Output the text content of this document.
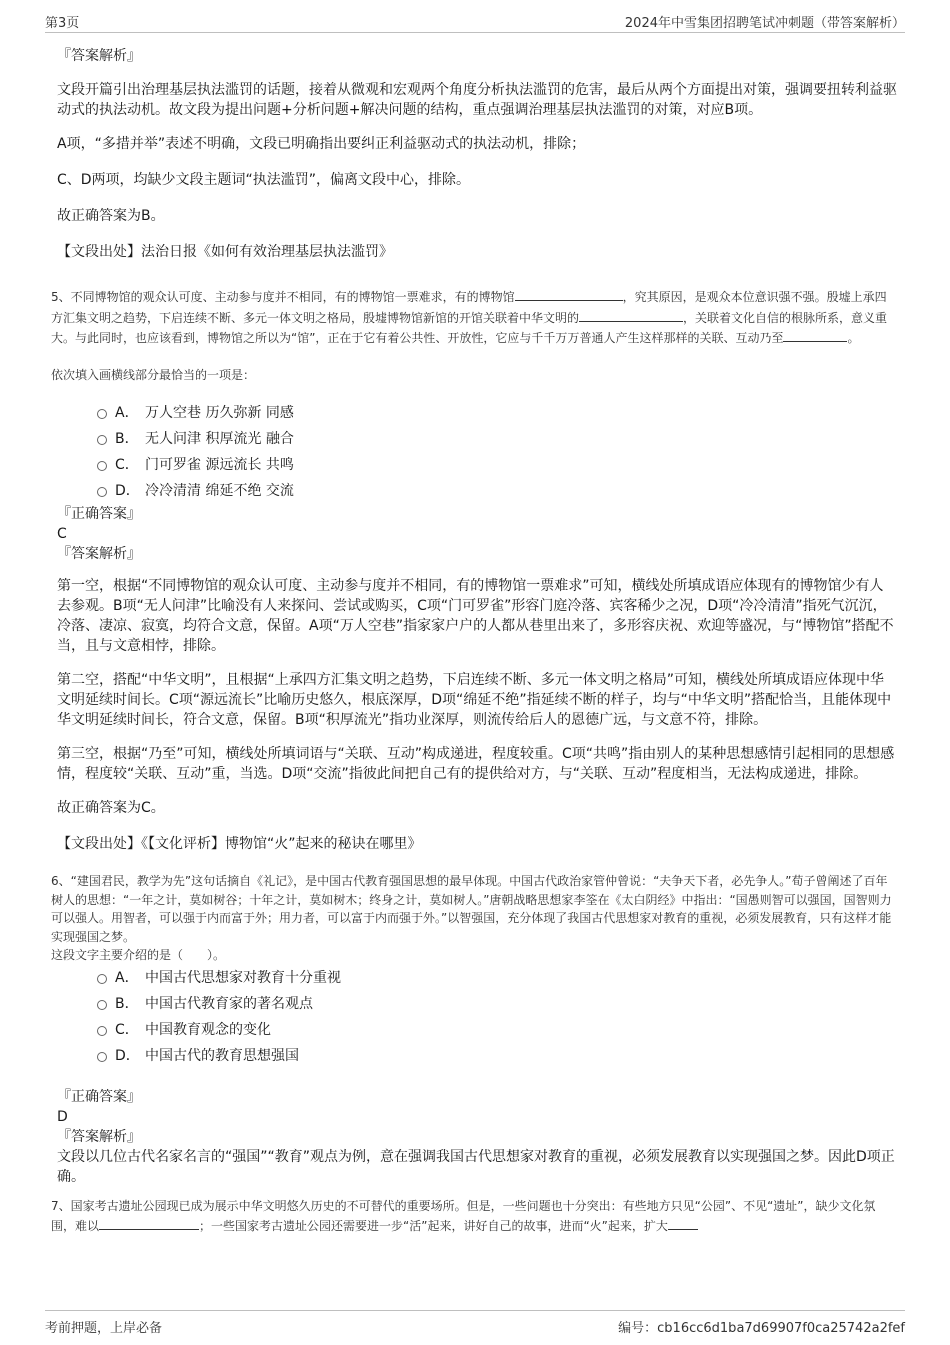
第3页	2024年中雪集团招聘笔试冲刺题（带答案解析）

『答案解析』

文段开篇引出治理基层执法滥罚的话题，接着从微观和宏观两个角度分析执法滥罚的危害，最后从两个方面提出对策，强调要扭转利益驱动式的执法动机。故文段为提出问题+分析问题+解决问题的结构，重点强调治理基层执法滥罚的对策，对应B项。

A项，“多措并举”表述不明确，文段已明确指出要纠正利益驱动式的执法动机，排除；

C、D两项，均缺少文段主题词“执法滥罚”，偏离文段中心，排除。

故正确答案为B。

【文段出处】法治日报《如何有效治理基层执法滥罚》

5、不同博物馆的观众认可度、主动参与度并不相同，有的博物馆一票难求，有的博物馆	，究其原因，是观众本位意识强不强。殷墟上承四方汇集文明之趋势，下启连续不断、多元一体文明之格局，殷墟博物馆新馆的开馆关联着中华文明的	，关联着文化自信的根脉所系，意义重大。与此同时，也应该看到，博物馆之所以为“馆”，正在于它有着公共性、开放性，它应与千千万万普通人产生这样那样的关联、互动乃至	。

依次填入画横线部分最恰当的一项是：

A． 万人空巷 历久弥新 同感
B． 无人问津 积厚流光 融合
C． 门可罗雀 源远流长 共鸣
D． 冷冷清清 绵延不绝 交流

『正确答案』

C

『答案解析』

第一空，根据“不同博物馆的观众认可度、主动参与度并不相同，有的博物馆一票难求”可知，横线处所填成语应体现有的博物馆少有人去参观。B项“无人问津”比喻没有人来探问、尝试或购买，C项“门可罗雀”形容门庭冷落、宾客稀少之况，D项“冷冷清清”指死气沉沉，冷落、凄凉、寂寞，均符合文意，保留。A项“万人空巷”指家家户户的人都从巷里出来了，多形容庆祝、欢迎等盛况，与“博物馆”搭配不当，且与文意相悖，排除。

第二空，搭配“中华文明”，且根据“上承四方汇集文明之趋势，下启连续不断、多元一体文明之格局”可知，横线处所填成语应体现中华文明延续时间长。C项“源远流长”比喻历史悠久，根底深厚，D项“绵延不绝”指延续不断的样子，均与“中华文明”搭配恰当，且能体现中华文明延续时间长，符合文意，保留。B项“积厚流光”指功业深厚，则流传给后人的恩德广远，与文意不符，排除。

第三空，根据“乃至”可知，横线处所填词语与“关联、互动”构成递进，程度较重。C项“共鸣”指由别人的某种思想感情引起相同的思想感情，程度较“关联、互动”重，当选。D项“交流”指彼此间把自己有的提供给对方，与“关联、互动”程度相当，无法构成递进，排除。

故正确答案为C。

【文段出处】《【文化评析】博物馆“火”起来的秘诀在哪里》

6、“建国君民，教学为先”这句话摘自《礼记》，是中国古代教育强国思想的最早体现。中国古代政治家管仲曾说：“夫争天下者，必先争人。”荀子曾阐述了百年树人的思想：“一年之计，莫如树谷；十年之计，莫如树木；终身之计，莫如树人。”唐朝战略思想家李筌在《太白阴经》中指出：“国愚则智可以强国，国智则力可以强人。用智者，可以强于内而富于外；用力者，可以富于内而强于外。”以智强国，充分体现了我国古代思想家对教育的重视，必须发展教育，只有这样才能实现强国之梦。

这段文字主要介绍的是（　　）。

A． 中国古代思想家对教育十分重视
B． 中国古代教育家的著名观点
C． 中国教育观念的变化
D． 中国古代的教育思想强国

『正确答案』

D

『答案解析』

文段以几位古代名家名言的“强国”“教育”观点为例，意在强调我国古代思想家对教育的重视，必须发展教育以实现强国之梦。因此D项正确。

7、国家考古遗址公园现已成为展示中华文明悠久历史的不可替代的重要场所。但是，一些问题也十分突出：有些地方只见“公园”、不见“遗址”，缺少文化氛围，难以	；一些国家考古遗址公园还需要进一步“活”起来，讲好自己的故事，进而“火”起来，扩大

考前押题，上岸必备	编号：cb16cc6d1ba7d69907f0ca25742a2fef
